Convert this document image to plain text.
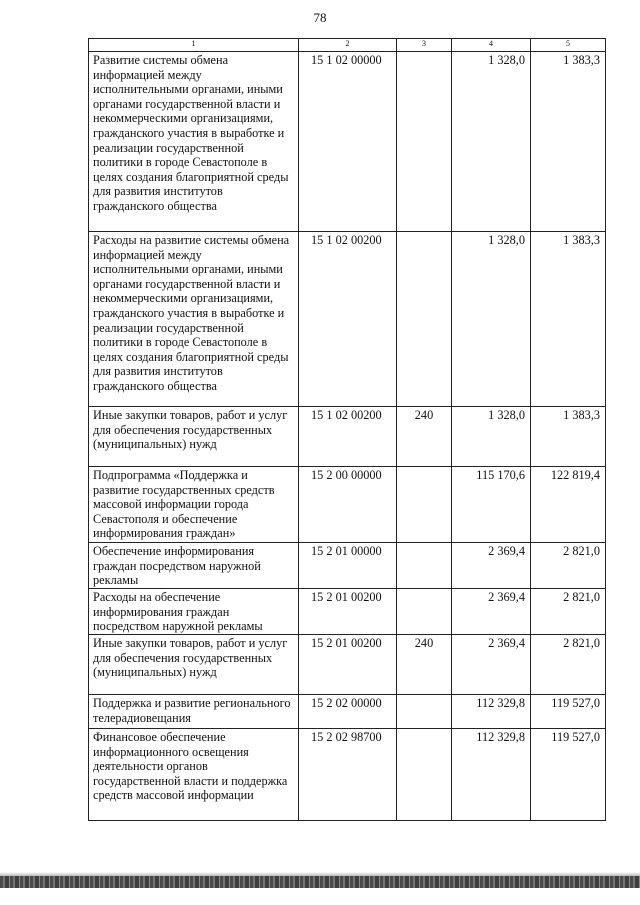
78
1	2	3	4	5
Развитие системы обмена информацией между исполнительными органами, иными органами государственной власти и некоммерческими организациями, гражданского участия в выработке и реализации государственной политики в городе Севастополе в целях создания благоприятной среды для развития институтов гражданского общества	15 1 02 00000		1 328,0	1 383,3
Расходы на развитие системы обмена информацией между исполнительными органами, иными органами государственной власти и некоммерческими организациями, гражданского участия в выработке и реализации государственной политики в городе Севастополе в целях создания благоприятной среды для развития институтов гражданского общества	15 1 02 00200		1 328,0	1 383,3
Иные закупки товаров, работ и услуг для обеспечения государственных (муниципальных) нужд	15 1 02 00200	240	1 328,0	1 383,3
Подпрограмма «Поддержка и развитие государственных средств массовой информации города Севастополя и обеспечение информирования граждан»	15 2 00 00000		115 170,6	122 819,4
Обеспечение информирования граждан посредством наружной рекламы	15 2 01 00000		2 369,4	2 821,0
Расходы на обеспечение информирования граждан посредством наружной рекламы	15 2 01 00200		2 369,4	2 821,0
Иные закупки товаров, работ и услуг для обеспечения государственных (муниципальных) нужд	15 2 01 00200	240	2 369,4	2 821,0
Поддержка и развитие регионального телерадиовещания	15 2 02 00000		112 329,8	119 527,0
Финансовое обеспечение информационного освещения деятельности органов государственной власти и поддержка средств массовой информации	15 2 02 98700		112 329,8	119 527,0
